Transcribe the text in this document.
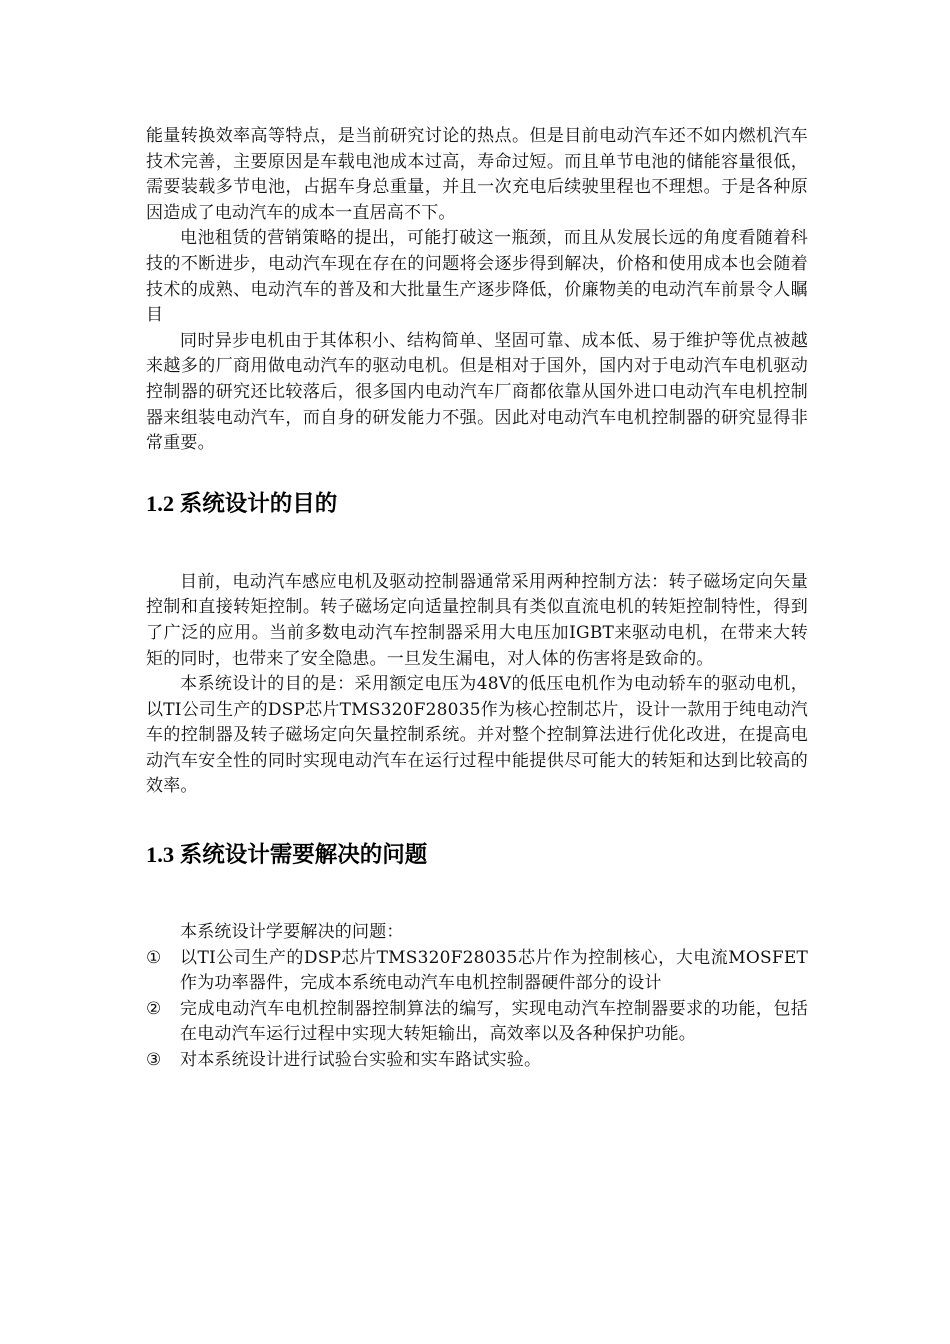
能量转换效率高等特点，是当前研究讨论的热点。但是目前电动汽车还不如内燃机汽车技术完善，主要原因是车载电池成本过高，寿命过短。而且单节电池的储能容量很低，需要装载多节电池，占据车身总重量，并且一次充电后续驶里程也不理想。于是各种原因造成了电动汽车的成本一直居高不下。

电池租赁的营销策略的提出，可能打破这一瓶颈，而且从发展长远的角度看随着科技的不断进步，电动汽车现在存在的问题将会逐步得到解决，价格和使用成本也会随着技术的成熟、电动汽车的普及和大批量生产逐步降低，价廉物美的电动汽车前景令人瞩目

同时异步电机由于其体积小、结构简单、坚固可靠、成本低、易于维护等优点被越来越多的厂商用做电动汽车的驱动电机。但是相对于国外，国内对于电动汽车电机驱动控制器的研究还比较落后，很多国内电动汽车厂商都依靠从国外进口电动汽车电机控制器来组装电动汽车，而自身的研发能力不强。因此对电动汽车电机控制器的研究显得非常重要。

1.2 系统设计的目的

目前，电动汽车感应电机及驱动控制器通常采用两种控制方法：转子磁场定向矢量控制和直接转矩控制。转子磁场定向适量控制具有类似直流电机的转矩控制特性，得到了广泛的应用。当前多数电动汽车控制器采用大电压加IGBT来驱动电机，在带来大转矩的同时，也带来了安全隐患。一旦发生漏电，对人体的伤害将是致命的。

本系统设计的目的是：采用额定电压为48V的低压电机作为电动轿车的驱动电机，以TI公司生产的DSP芯片TMS320F28035作为核心控制芯片，设计一款用于纯电动汽车的控制器及转子磁场定向矢量控制系统。并对整个控制算法进行优化改进，在提高电动汽车安全性的同时实现电动汽车在运行过程中能提供尽可能大的转矩和达到比较高的效率。

1.3 系统设计需要解决的问题

本系统设计学要解决的问题：

①	以TI公司生产的DSP芯片TMS320F28035芯片作为控制核心，大电流MOSFET作为功率器件，完成本系统电动汽车电机控制器硬件部分的设计
②	完成电动汽车电机控制器控制算法的编写，实现电动汽车控制器要求的功能，包括在电动汽车运行过程中实现大转矩输出，高效率以及各种保护功能。
③	对本系统设计进行试验台实验和实车路试实验。
